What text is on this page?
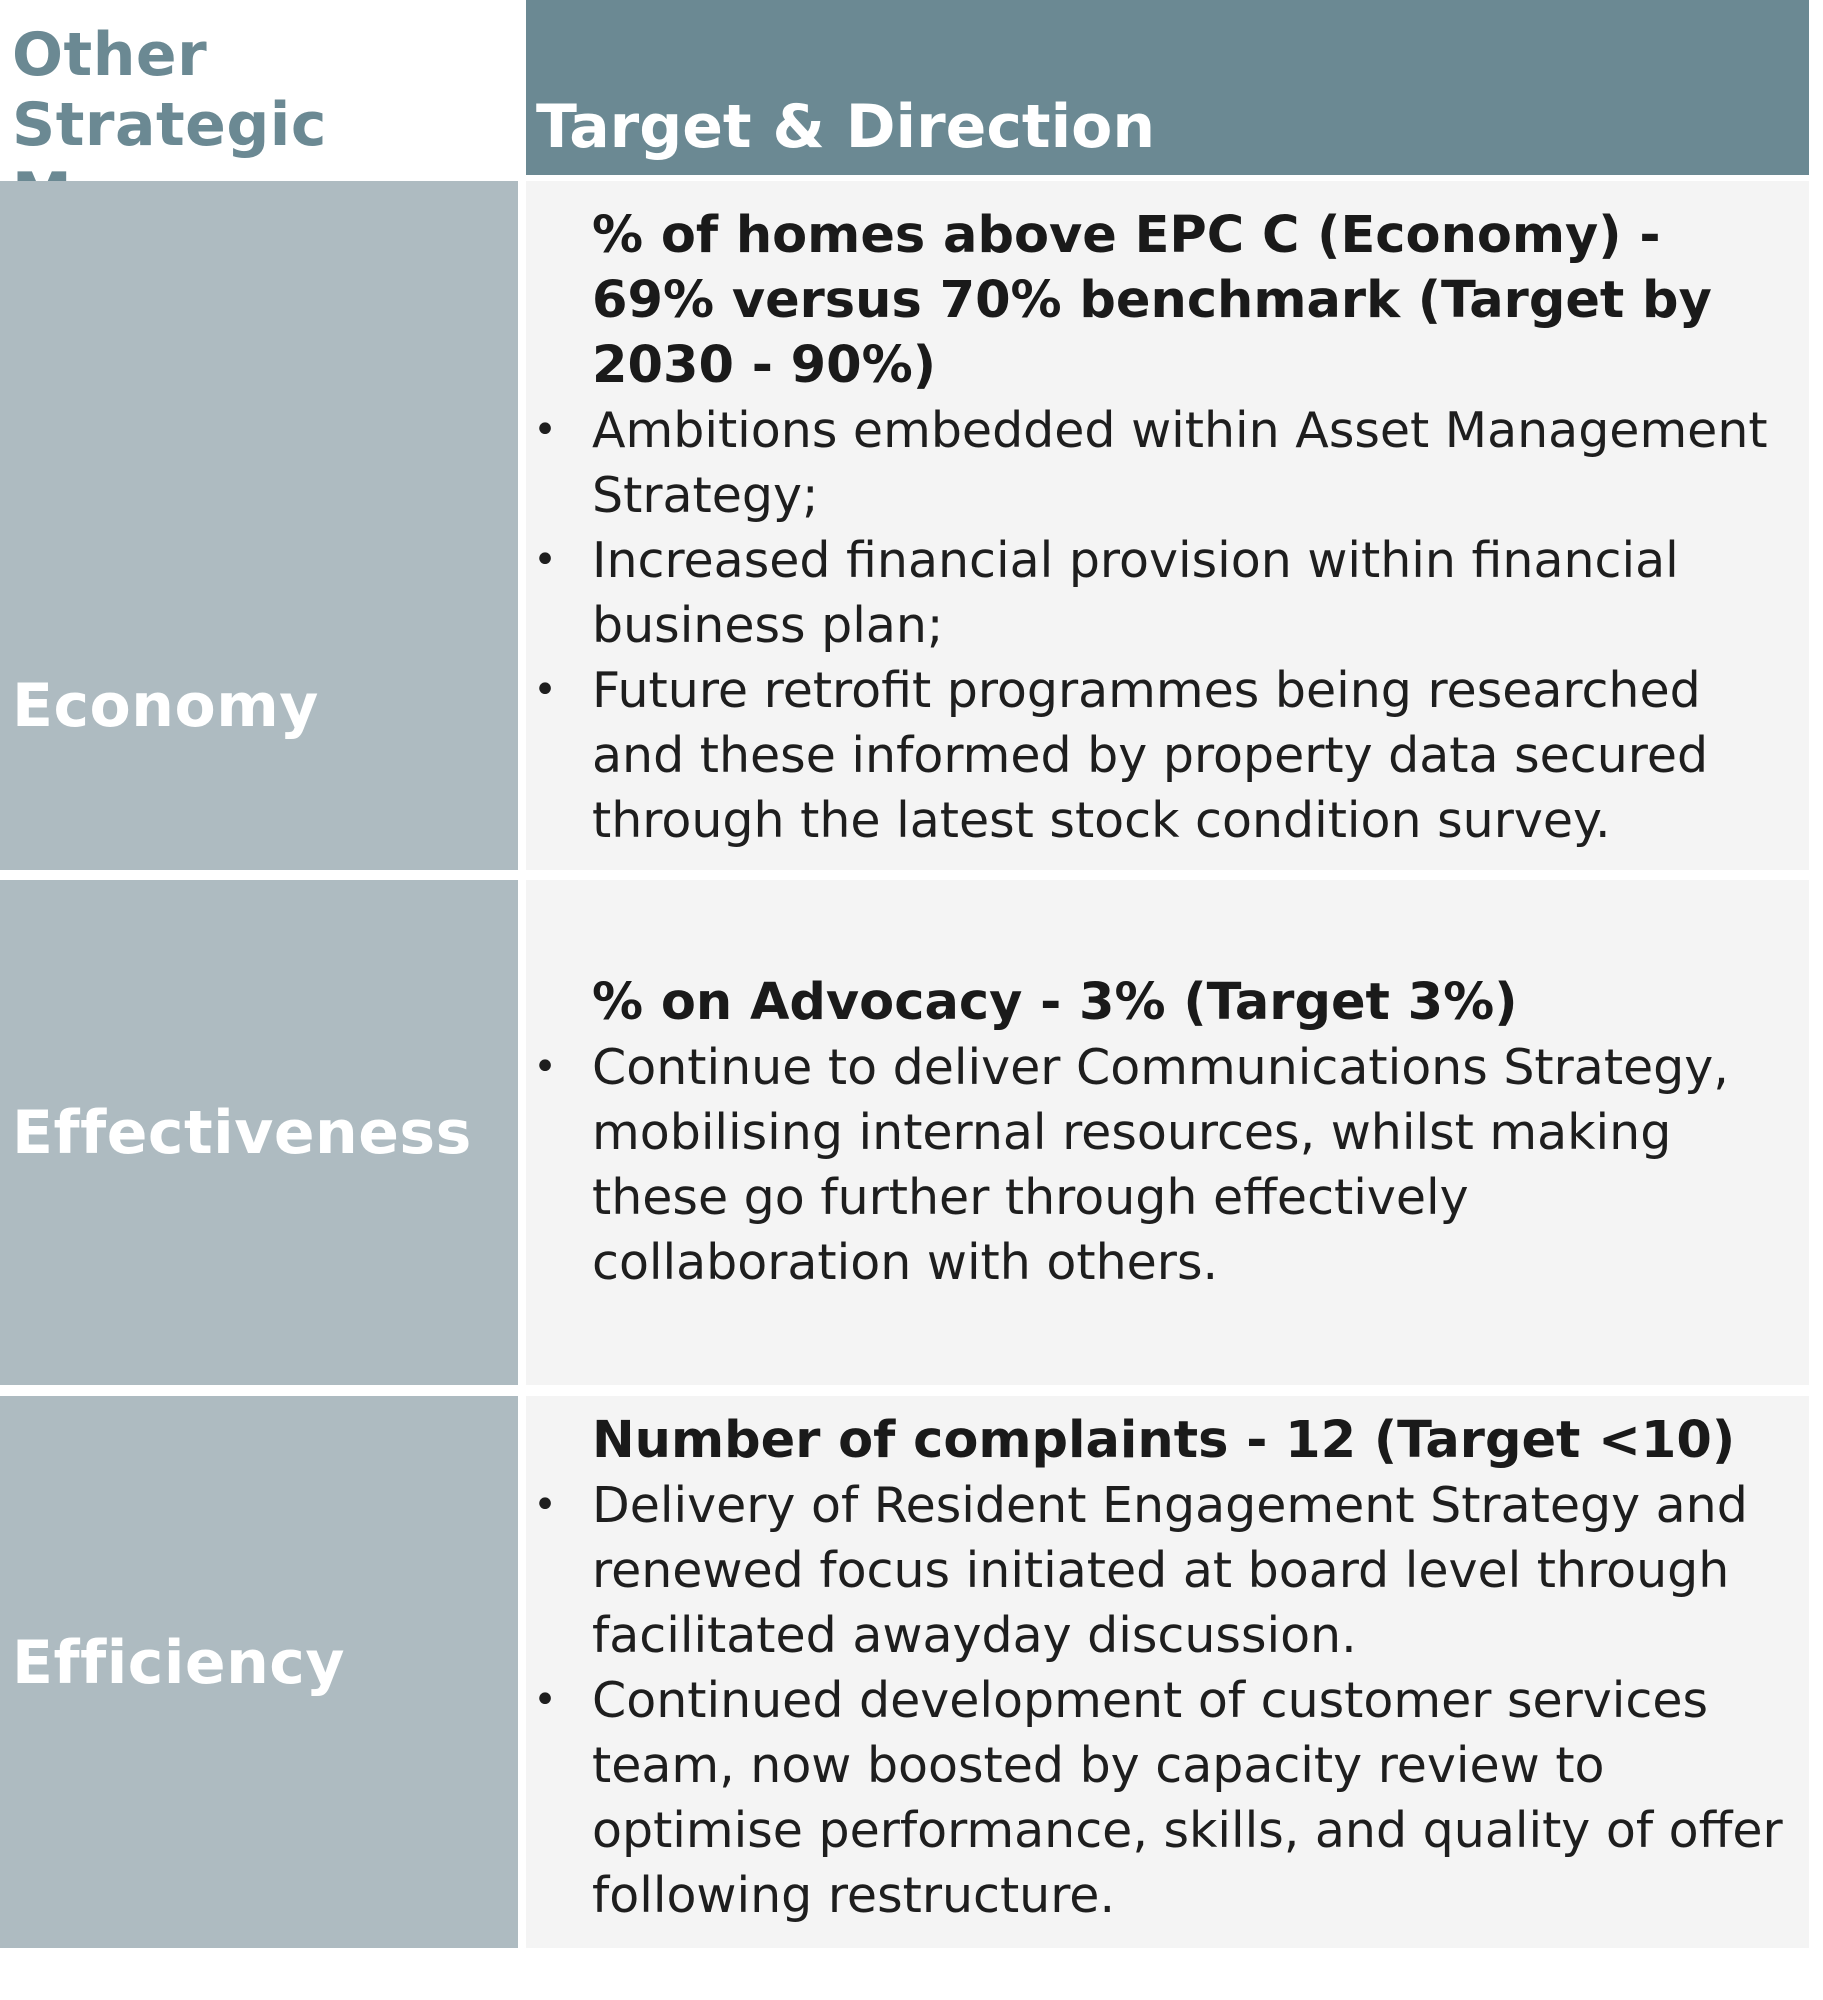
Other Strategic	Target & Direction
Economy

% of homes above EPC C (Economy) - 69% versus 70% benchmark (Target by 2030 - 90%)

• Ambitions embedded within Asset Management Strategy;
• Increased financial provision within financial business plan;
• Future retrofit programmes being researched and these informed by property data secured through the latest stock condition survey.
Effectiveness

% on Advocacy - 3% (Target 3%)

• Continue to deliver Communications Strategy, mobilising internal resources, whilst making these go further through effectively collaboration with others.
Efficiency

Number of complaints - 12 (Target <10)

• Delivery of Resident Engagement Strategy and renewed focus initiated at board level through facilitated awayday discussion.
• Continued development of customer services team, now boosted by capacity review to optimise performance, skills, and quality of offer following restructure.
